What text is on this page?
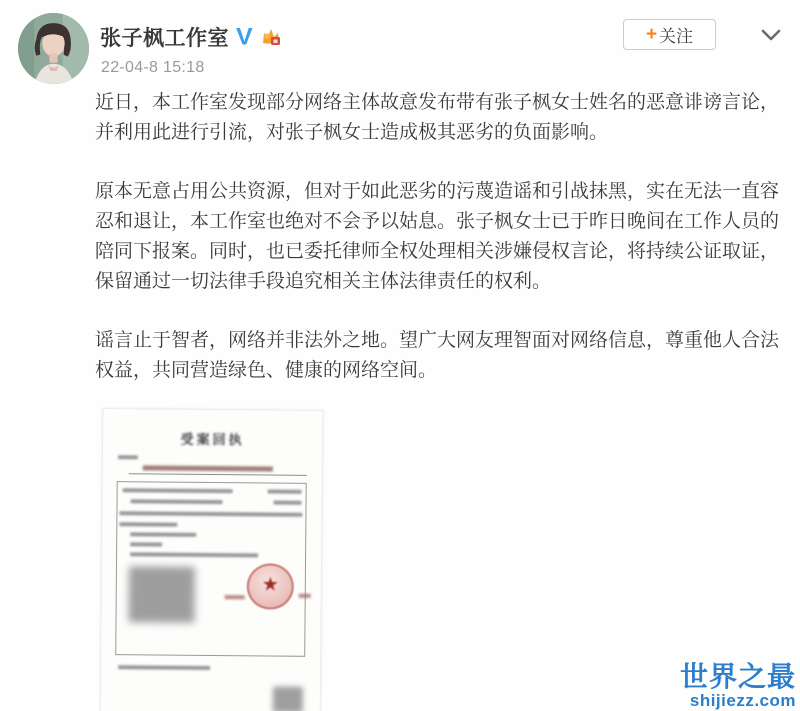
张子枫工作室 V
22-04-8 15:18
+ 关注

近日，本工作室发现部分网络主体故意发布带有张子枫女士姓名的恶意诽谤言论，并利用此进行引流，对张子枫女士造成极其恶劣的负面影响。

原本无意占用公共资源，但对于如此恶劣的污蔑造谣和引战抹黑，实在无法一直容忍和退让，本工作室也绝对不会予以姑息。张子枫女士已于昨日晚间在工作人员的陪同下报案。同时，也已委托律师全权处理相关涉嫌侵权言论，将持续公证取证，保留通过一切法律手段追究相关主体法律责任的权利。

谣言止于智者，网络并非法外之地。望广大网友理智面对网络信息，尊重他人合法权益，共同营造绿色、健康的网络空间。

受案回执
★
世界之最
shijiezz.com
